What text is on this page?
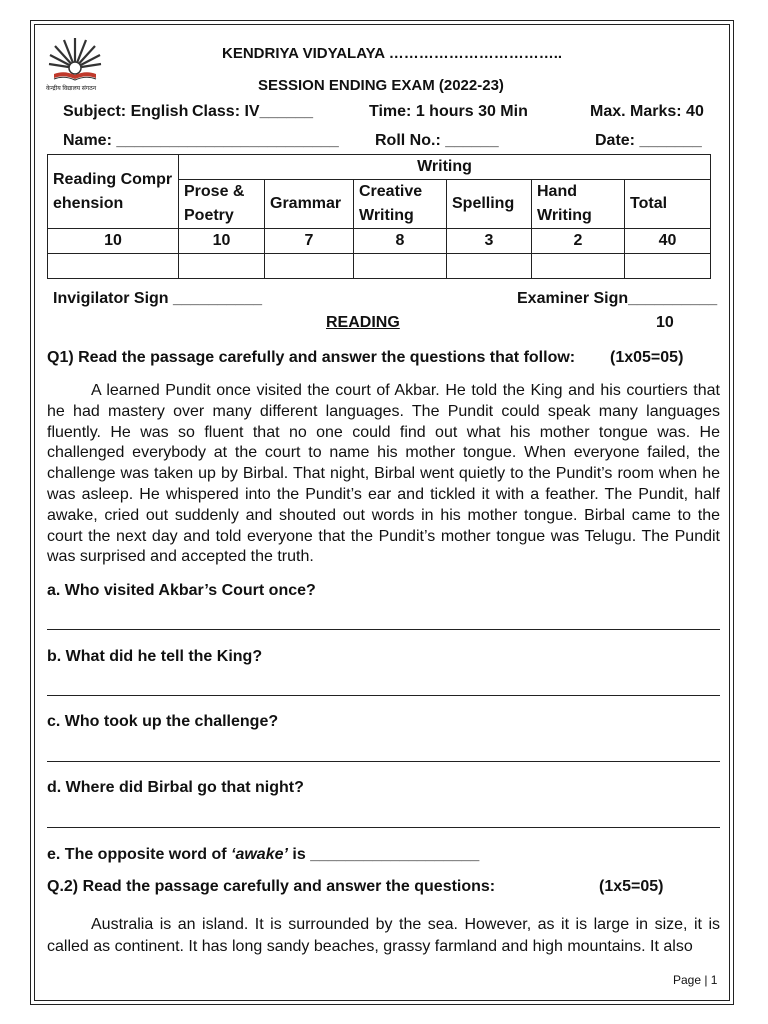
केन्द्रीय विद्यालय संगठन
KENDRIYA VIDYALAYA ……………………………..
SESSION ENDING EXAM (2022-23)
Subject: English Class: IV______	Time: 1 hours 30 Min	Max. Marks: 40
Name: _________________________ Roll No.: ______	Date: _______
Reading Comprehension	Writing					
	Prose & Poetry	Grammar	Creative Writing	Spelling	Hand Writing	Total
10	10	7	8	3	2	40

Invigilator Sign __________	Examiner Sign__________
READING	10
Q1) Read the passage carefully and answer the questions that follow: (1x05=05)
A learned Pundit once visited the court of Akbar. He told the King and his courtiers that he had mastery over many different languages. The Pundit could speak many languages fluently. He was so fluent that no one could find out what his mother tongue was. He challenged everybody at the court to name his mother tongue. When everyone failed, the challenge was taken up by Birbal. That night, Birbal went quietly to the Pundit’s room when he was asleep. He whispered into the Pundit’s ear and tickled it with a feather. The Pundit, half awake, cried out suddenly and shouted out words in his mother tongue. Birbal came to the court the next day and told everyone that the Pundit’s mother tongue was Telugu. The Pundit was surprised and accepted the truth.
a. Who visited Akbar’s Court once?
b. What did he tell the King?
c. Who took up the challenge?
d. Where did Birbal go that night?
e. The opposite word of ‘awake’ is ___________________
Q.2) Read the passage carefully and answer the questions:	(1x5=05)
Australia is an island. It is surrounded by the sea. However, as it is large in size, it is called as continent. It has long sandy beaches, grassy farmland and high mountains. It also
Page | 1
